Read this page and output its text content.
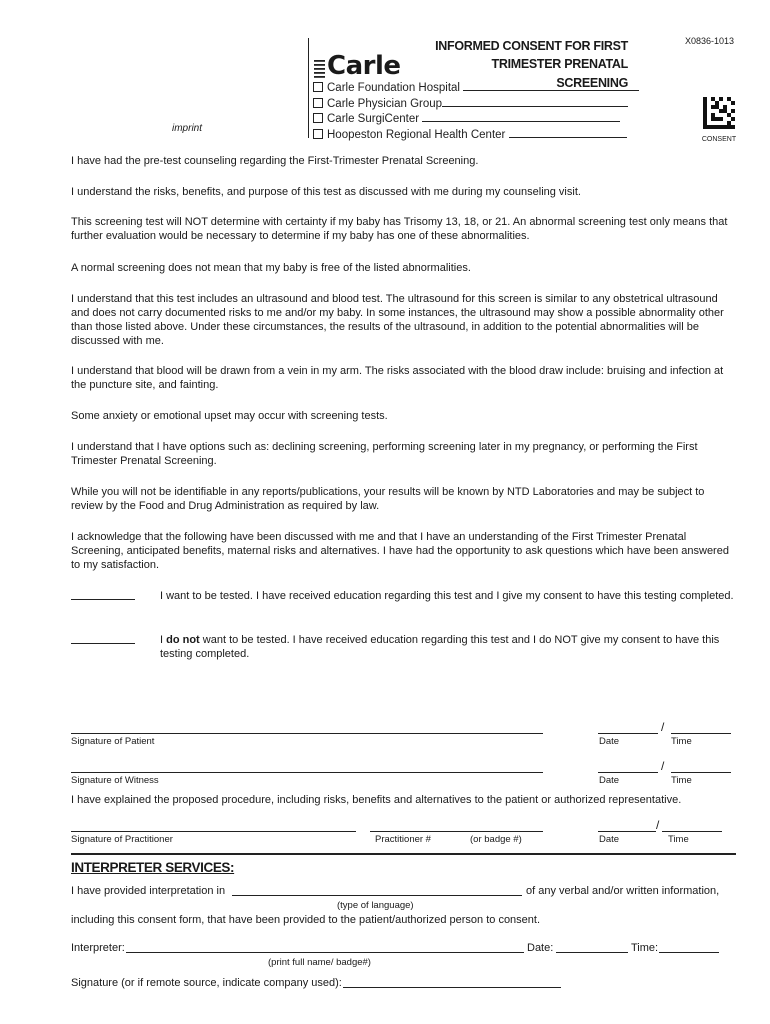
imprint
Carle
INFORMED CONSENT FOR FIRST
TRIMESTER PRENATAL
SCREENING
X0836-1013
Carle Foundation Hospital
Carle Physician Group
Carle SurgiCenter
Hoopeston Regional Health Center	CONSENT

I have had the pre-test counseling regarding the First-Trimester Prenatal Screening.

I understand the risks, benefits, and purpose of this test as discussed with me during my counseling visit.

This screening test will NOT determine with certainty if my baby has Trisomy 13, 18, or 21. An abnormal screening test only means that further evaluation would be necessary to determine if my baby has one of these abnormalities.

A normal screening does not mean that my baby is free of the listed abnormalities.

I understand that this test includes an ultrasound and blood test. The ultrasound for this screen is similar to any obstetrical ultrasound and does not carry documented risks to me and/or my baby. In some instances, the ultrasound may show a possible abnormality other than those listed above. Under these circumstances, the results of the ultrasound, in addition to the potential abnormalities will be discussed with me.

I understand that blood will be drawn from a vein in my arm. The risks associated with the blood draw include: bruising and infection at the puncture site, and fainting.

Some anxiety or emotional upset may occur with screening tests.

I understand that I have options such as: declining screening, performing screening later in my pregnancy, or performing the First Trimester Prenatal Screening.

While you will not be identifiable in any reports/publications, your results will be known by NTD Laboratories and may be subject to review by the Food and Drug Administration as required by law.

I acknowledge that the following have been discussed with me and that I have an understanding of the First Trimester Prenatal Screening, anticipated benefits, maternal risks and alternatives. I have had the opportunity to ask questions which have been answered to my satisfaction.

I want to be tested. I have received education regarding this test and I give my consent to have this testing completed.

I do not want to be tested. I have received education regarding this test and I do NOT give my consent to have this testing completed.

Signature of Patient
/
Date	Time
Signature of Witness
/
Date	Time

I have explained the proposed procedure, including risks, benefits and alternatives to the patient or authorized representative.

Signature of Practitioner	Practitioner #	(or badge #)
/
Date	Time
INTERPRETER SERVICES:
I have provided interpretation in	of any verbal and/or written information,
(type of language)

including this consent form, that have been provided to the patient/authorized person to consent.

Interpreter:	Date:	Time:
(print full name/ badge#)
Signature (or if remote source, indicate company used):
